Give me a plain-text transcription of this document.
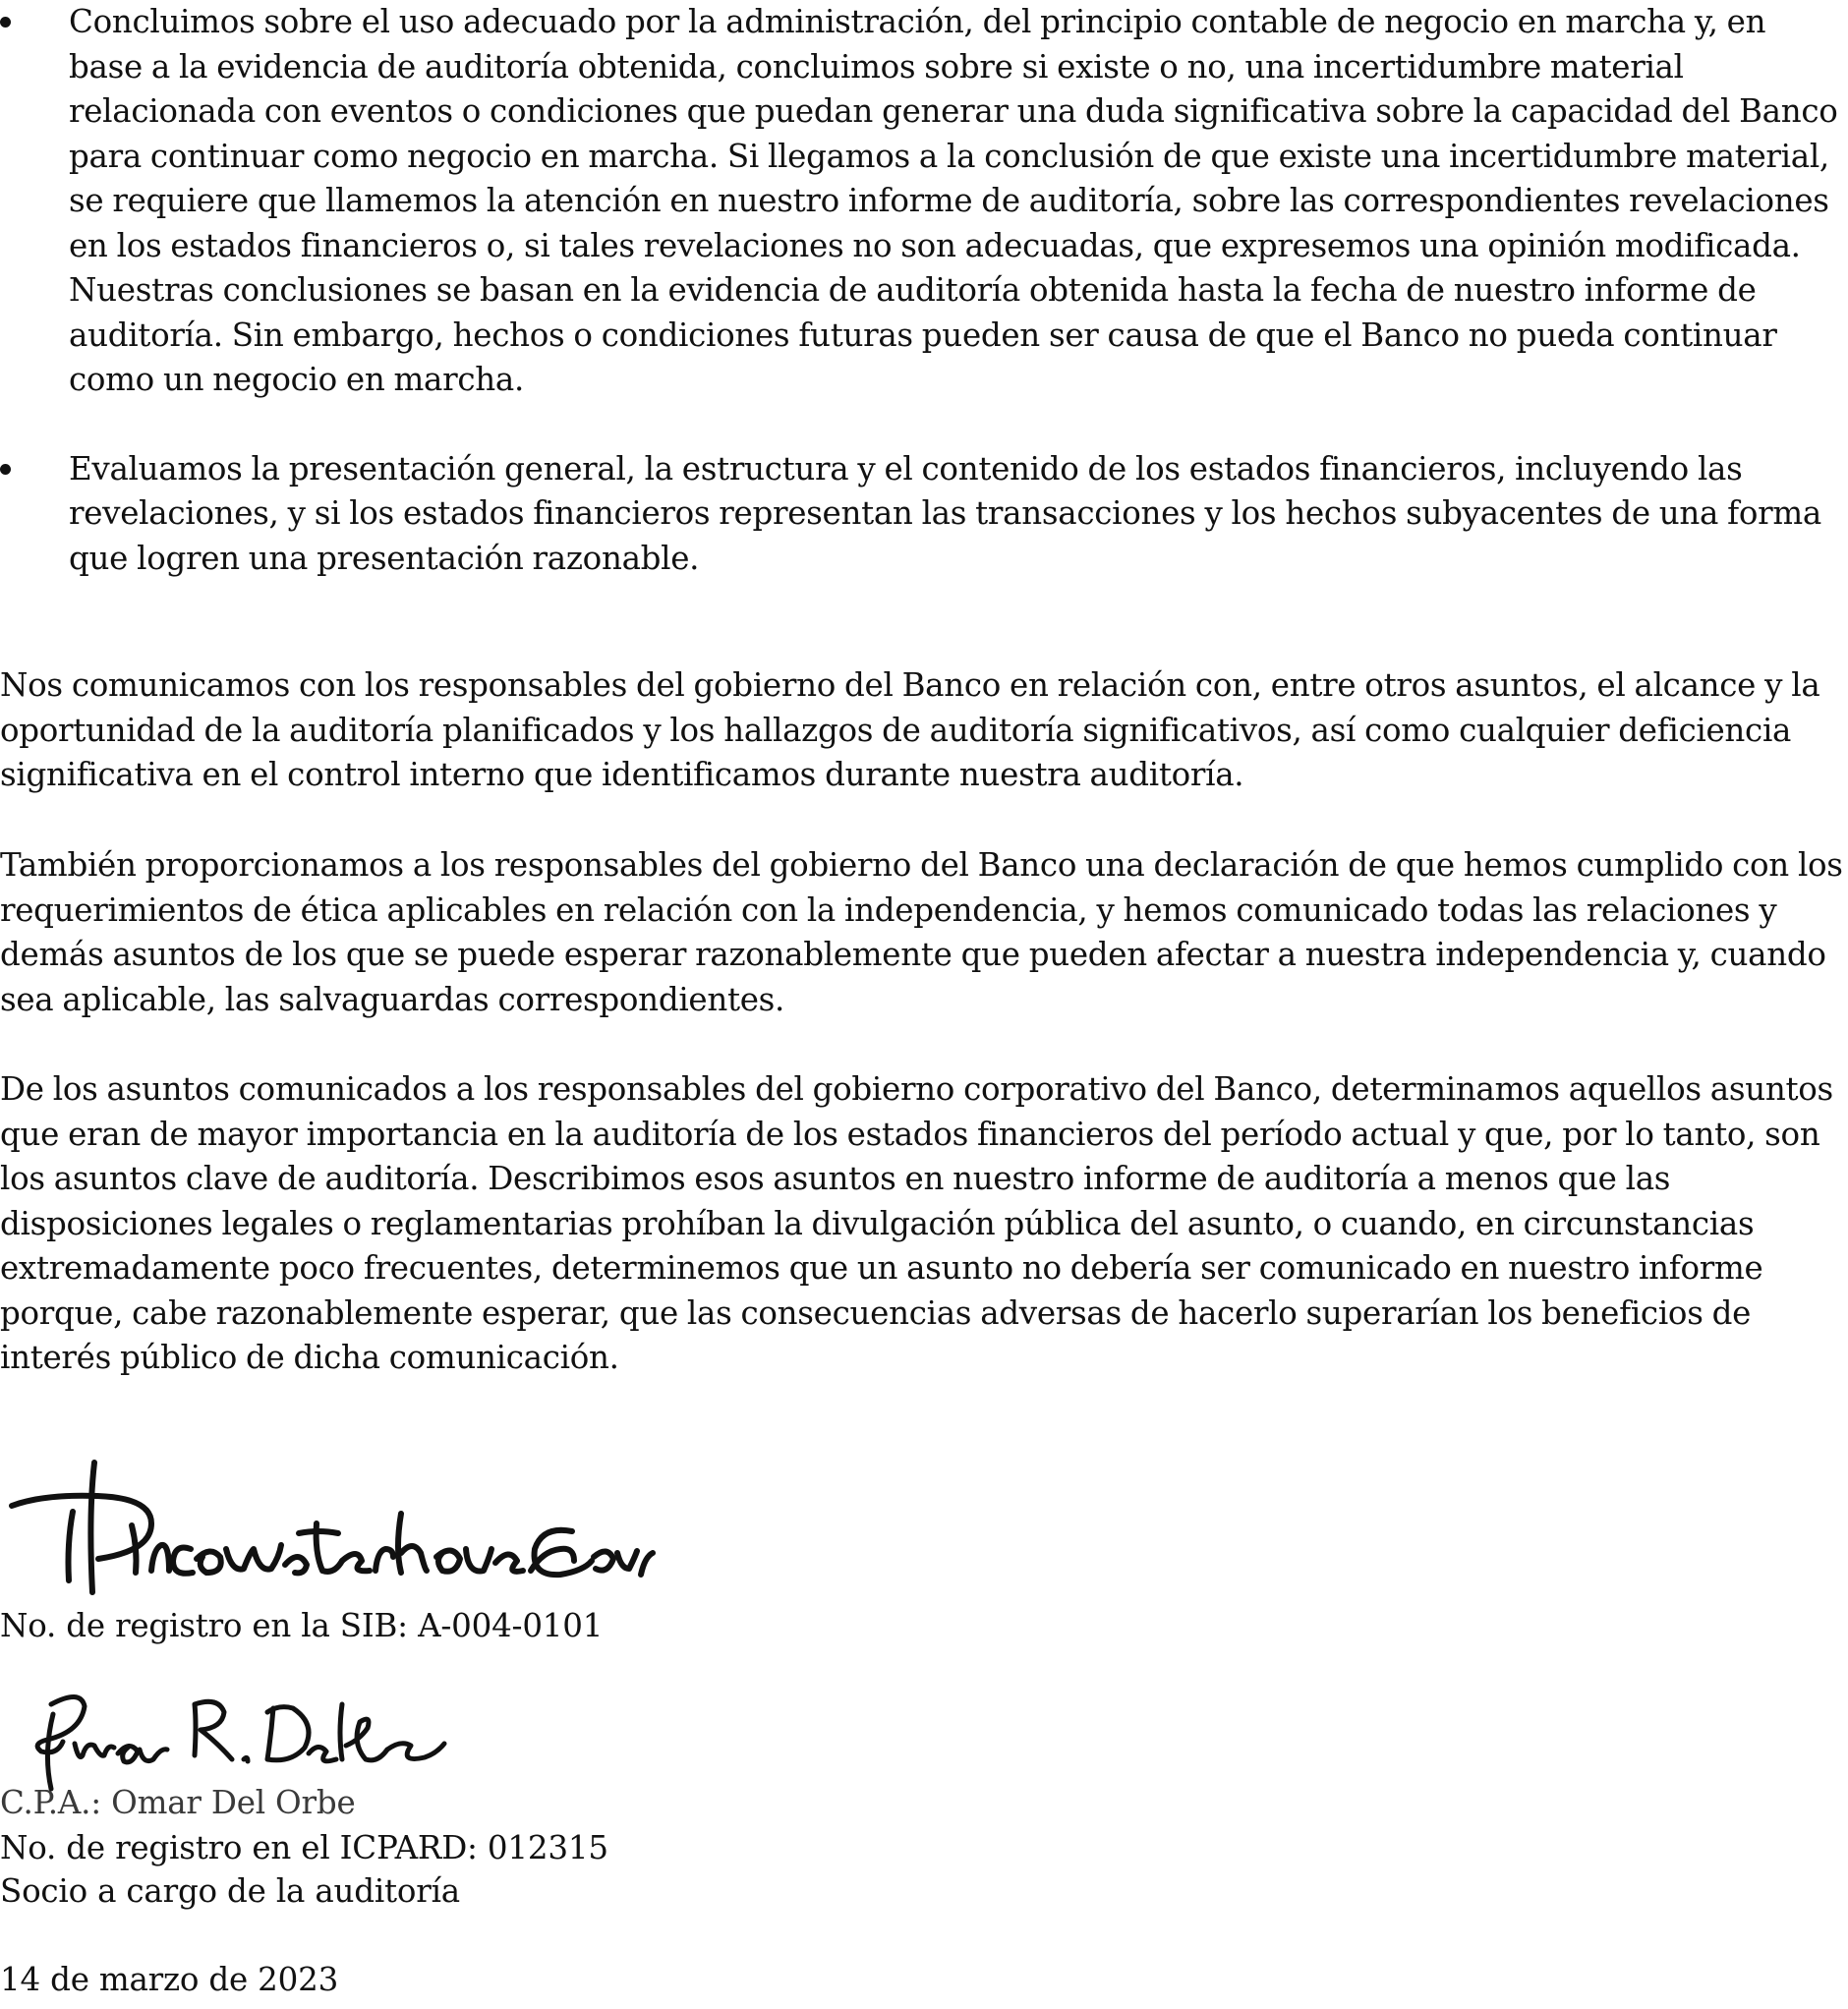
Concluimos sobre el uso adecuado por la administración, del principio contable de negocio en marcha y, en base a la evidencia de auditoría obtenida, concluimos sobre si existe o no, una incertidumbre material relacionada con eventos o condiciones que puedan generar una duda significativa sobre la capacidad del Banco para continuar como negocio en marcha. Si llegamos a la conclusión de que existe una incertidumbre material, se requiere que llamemos la atención en nuestro informe de auditoría, sobre las correspondientes revelaciones en los estados financieros o, si tales revelaciones no son adecuadas, que expresemos una opinión modificada. Nuestras conclusiones se basan en la evidencia de auditoría obtenida hasta la fecha de nuestro informe de auditoría. Sin embargo, hechos o condiciones futuras pueden ser causa de que el Banco no pueda continuar como un negocio en marcha.
Evaluamos la presentación general, la estructura y el contenido de los estados financieros, incluyendo las revelaciones, y si los estados financieros representan las transacciones y los hechos subyacentes de una forma que logren una presentación razonable.

Nos comunicamos con los responsables del gobierno del Banco en relación con, entre otros asuntos, el alcance y la oportunidad de la auditoría planificados y los hallazgos de auditoría significativos, así como cualquier deficiencia significativa en el control interno que identificamos durante nuestra auditoría.

También proporcionamos a los responsables del gobierno del Banco una declaración de que hemos cumplido con los requerimientos de ética aplicables en relación con la independencia, y hemos comunicado todas las relaciones y demás asuntos de los que se puede esperar razonablemente que pueden afectar a nuestra independencia y, cuando sea aplicable, las salvaguardas correspondientes.

De los asuntos comunicados a los responsables del gobierno corporativo del Banco, determinamos aquellos asuntos que eran de mayor importancia en la auditoría de los estados financieros del período actual y que, por lo tanto, son los asuntos clave de auditoría. Describimos esos asuntos en nuestro informe de auditoría a menos que las disposiciones legales o reglamentarias prohíban la divulgación pública del asunto, o cuando, en circunstancias extremadamente poco frecuentes, determinemos que un asunto no debería ser comunicado en nuestro informe porque, cabe razonablemente esperar, que las consecuencias adversas de hacerlo superarían los beneficios de interés público de dicha comunicación.

No. de registro en la SIB: A-004-0101

C.P.A.: Omar Del Orbe

No. de registro en el ICPARD: 012315

Socio a cargo de la auditoría

14 de marzo de 2023
